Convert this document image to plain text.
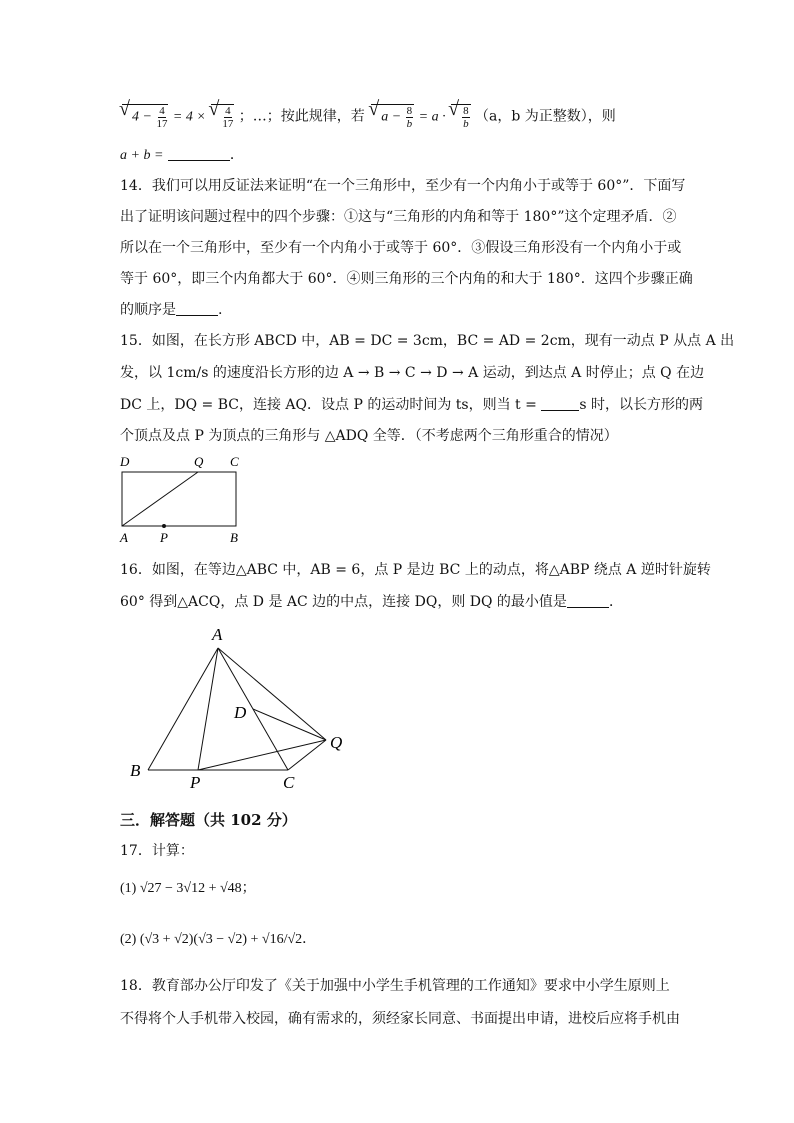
√ $4 - \frac{4}{17} = 4$ × √ $\frac{4}{17}$ ；…；按此规律，若 √ $a - \frac{8}{b} = a$ · √ $\frac{8}{b} (a$，b 为正整数），则
a + b =	．
14．我们可以用反证法来证明“在一个三角形中，至少有一个内角小于或等于 60°”．下面写
出了证明该问题过程中的四个步骤：①这与“三角形的内角和等于 180°”这个定理矛盾．②
所以在一个三角形中，至少有一个内角小于或等于 60°．③假设三角形没有一个内角小于或
等于 60°，即三个内角都大于 60°．④则三角形的三个内角的和大于 180°．这四个步骤正确
的顺序是	.
15．如图，在长方形 ABCD 中，AB = DC = 3cm，BC = AD = 2cm，现有一动点 P 从点 A 出
发，以 1cm/s 的速度沿长方形的边 A → B → C → D → A 运动，到达点 A 时停止；点 Q 在边
DC 上，DQ = BC，连接 AQ．设点 P 的运动时间为 ts，则当 t =	s 时，以长方形的两
个顶点及点 P 为顶点的三角形与 △ADQ 全等．（不考虑两个三角形重合的情况）
D	Q C
A P	B
16．如图，在等边△ABC 中，AB = 6，点 P 是边 BC 上的动点，将△ABP 绕点 A 逆时针旋转
60° 得到△ACQ，点 D 是 AC 边的中点，连接 DQ，则 DQ 的最小值是	．
A
D
Q
B
P	C
三．解答题（共 102 分）
17．计算：
(1) √27 − 3√12 + √48；
(2) (√3 + √2)(√3 − √2) + √16/√2．
18．教育部办公厅印发了《关于加强中小学生手机管理的工作通知》要求中小学生原则上
不得将个人手机带入校园，确有需求的，须经家长同意、书面提出申请，进校后应将手机由
